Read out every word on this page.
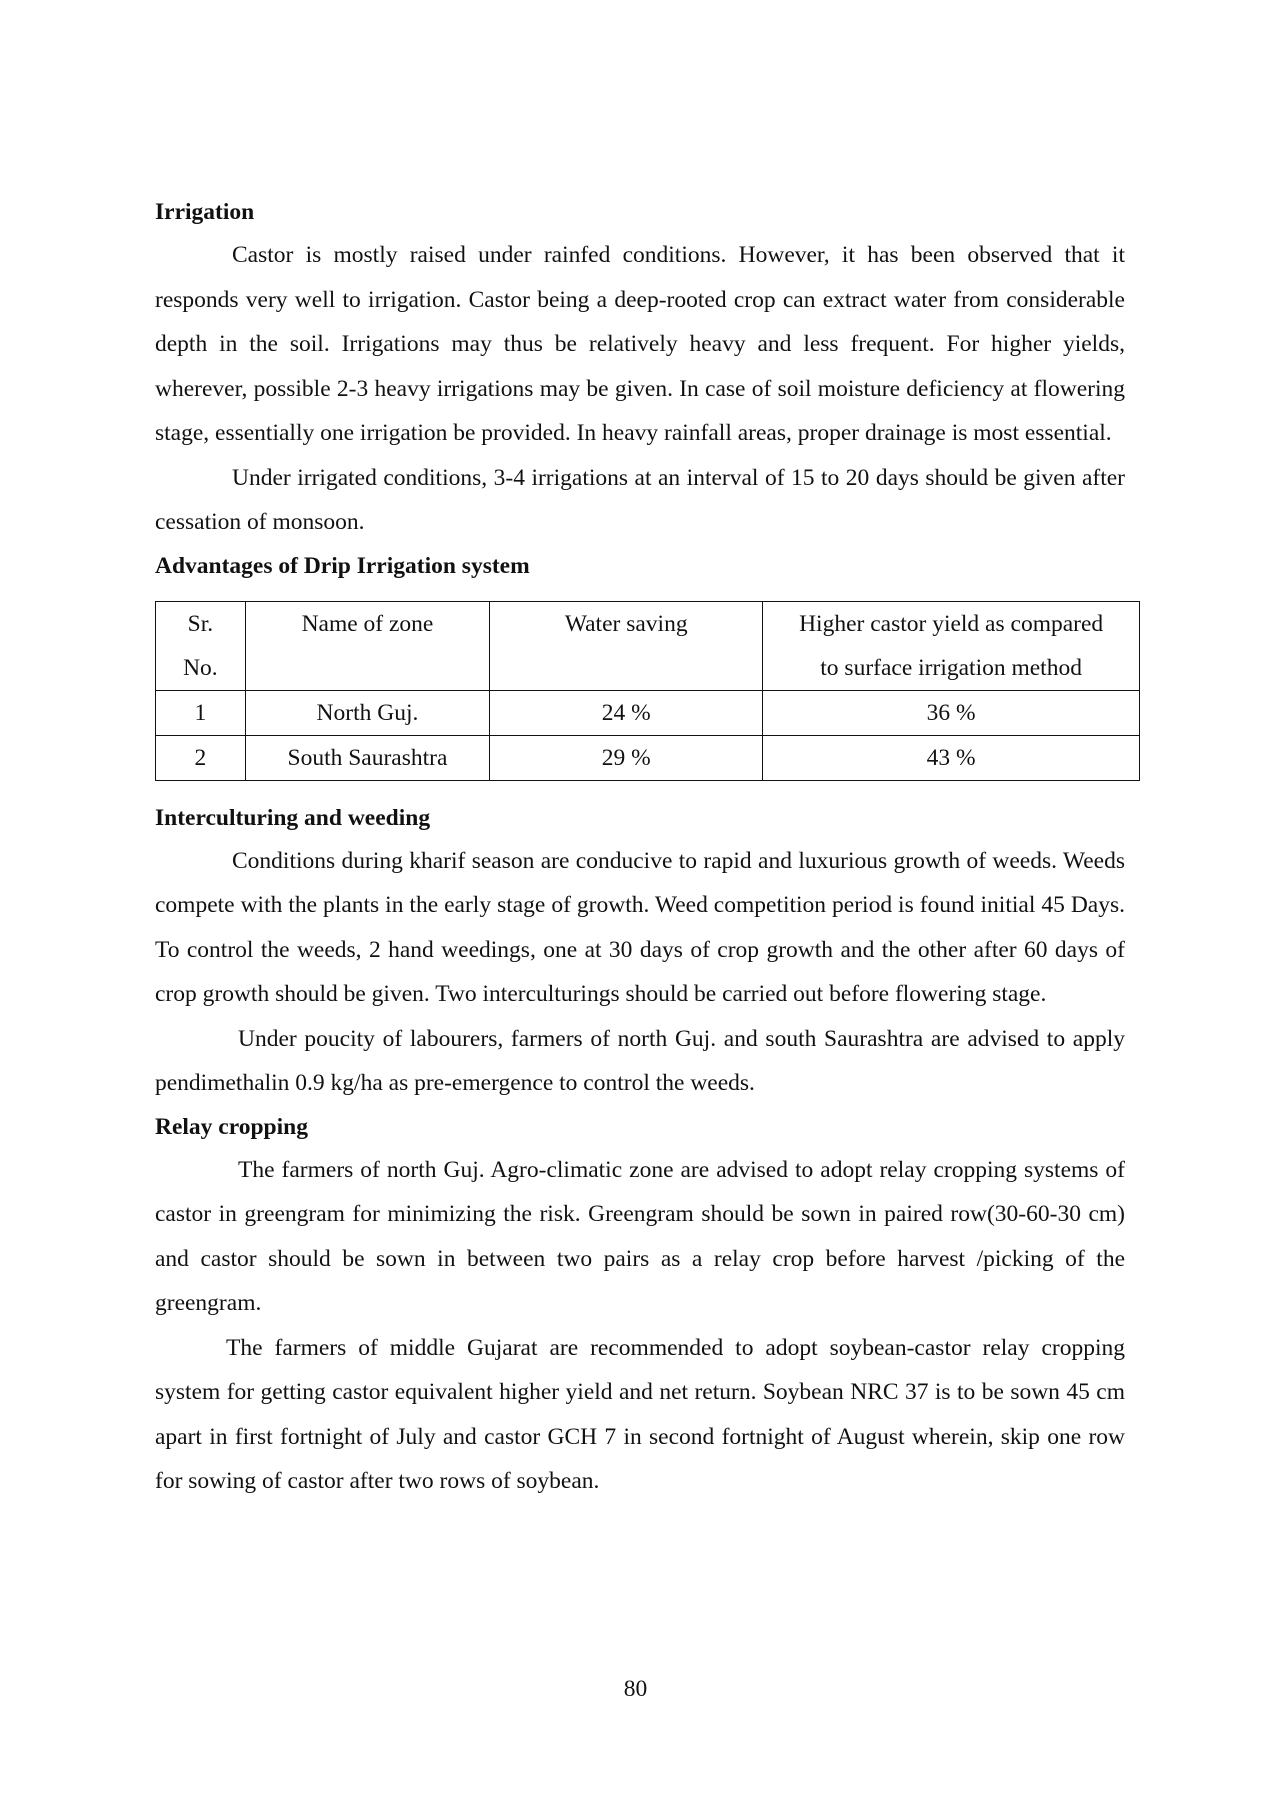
Irrigation

Castor is mostly raised under rainfed conditions. However, it has been observed that it responds very well to irrigation. Castor being a deep-rooted crop can extract water from considerable depth in the soil. Irrigations may thus be relatively heavy and less frequent. For higher yields, wherever, possible 2-3 heavy irrigations may be given. In case of soil moisture deficiency at flowering stage, essentially one irrigation be provided. In heavy rainfall areas, proper drainage is most essential.

Under irrigated conditions, 3-4 irrigations at an interval of 15 to 20 days should be given after cessation of monsoon.

Advantages of Drip Irrigation system
Sr. No.	Name of zone	Water saving	Higher castor yield as compared to surface irrigation method
1	North Guj.	24 %	36 %
2	South Saurashtra	29 %	43 %
Interculturing and weeding

Conditions during kharif season are conducive to rapid and luxurious growth of weeds. Weeds compete with the plants in the early stage of growth. Weed competition period is found initial 45 Days. To control the weeds, 2 hand weedings, one at 30 days of crop growth and the other after 60 days of crop growth should be given. Two interculturings should be carried out before flowering stage.

Under poucity of labourers, farmers of north Guj. and south Saurashtra are advised to apply pendimethalin 0.9 kg/ha as pre-emergence to control the weeds.

Relay cropping

The farmers of north Guj. Agro-climatic zone are advised to adopt relay cropping systems of castor in greengram for minimizing the risk. Greengram should be sown in paired row(30-60-30 cm) and castor should be sown in between two pairs as a relay crop before harvest /picking of the greengram.

The farmers of middle Gujarat are recommended to adopt soybean-castor relay cropping system for getting castor equivalent higher yield and net return. Soybean NRC 37 is to be sown 45 cm apart in first fortnight of July and castor GCH 7 in second fortnight of August wherein, skip one row for sowing of castor after two rows of soybean.

80
